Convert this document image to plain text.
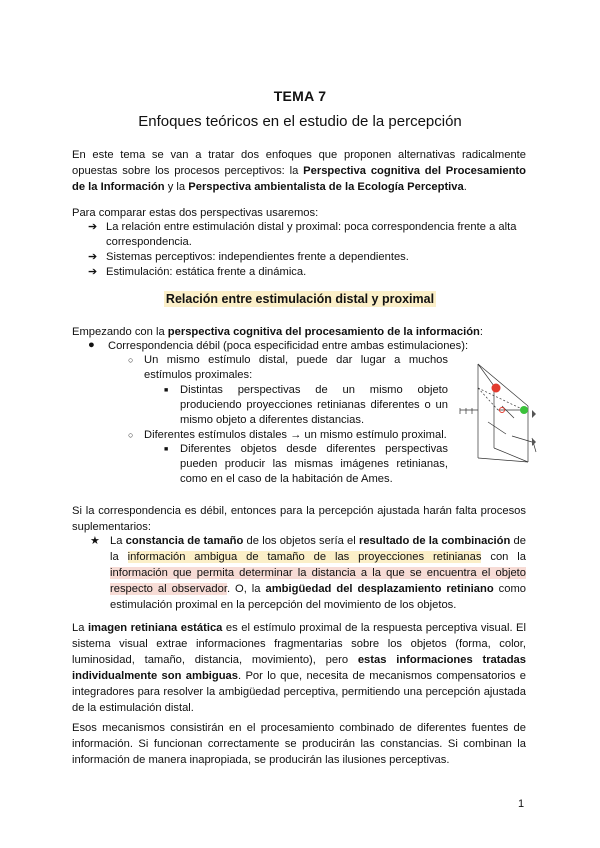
TEMA 7
Enfoques teóricos en el estudio de la percepción
En este tema se van a tratar dos enfoques que proponen alternativas radicalmente opuestas sobre los procesos perceptivos: la Perspectiva cognitiva del Procesamiento de la Información y la Perspectiva ambientalista de la Ecología Perceptiva.
Para comparar estas dos perspectivas usaremos:
➔ La relación entre estimulación distal y proximal: poca correspondencia frente a alta correspondencia.
➔ Sistemas perceptivos: independientes frente a dependientes.
➔ Estimulación: estática frente a dinámica.
Relación entre estimulación distal y proximal
Empezando con la perspectiva cognitiva del procesamiento de la información:
● Correspondencia débil (poca especificidad entre ambas estimulaciones):
○ Un mismo estímulo distal, puede dar lugar a muchos estímulos proximales:
■ Distintas perspectivas de un mismo objeto produciendo proyecciones retinianas diferentes o un mismo objeto a diferentes distancias.
○ Diferentes estímulos distales → un mismo estímulo proximal.
■ Diferentes objetos desde diferentes perspectivas pueden producir las mismas imágenes retinianas, como en el caso de la habitación de Ames.
Si la correspondencia es débil, entonces para la percepción ajustada harán falta procesos suplementarios:
★ La constancia de tamaño de los objetos sería el resultado de la combinación de la información ambigua de tamaño de las proyecciones retinianas con la información que permita determinar la distancia a la que se encuentra el objeto respecto al observador. O, la ambigüedad del desplazamiento retiniano como estimulación proximal en la percepción del movimiento de los objetos.
La imagen retiniana estática es el estímulo proximal de la respuesta perceptiva visual. El sistema visual extrae informaciones fragmentarias sobre los objetos (forma, color, luminosidad, tamaño, distancia, movimiento), pero estas informaciones tratadas individualmente son ambiguas. Por lo que, necesita de mecanismos compensatorios e integradores para resolver la ambigüedad perceptiva, permitiendo una percepción ajustada de la estimulación distal.
Esos mecanismos consistirán en el procesamiento combinado de diferentes fuentes de información. Si funcionan correctamente se producirán las constancias. Si combinan la información de manera inapropiada, se producirán las ilusiones perceptivas.
1
